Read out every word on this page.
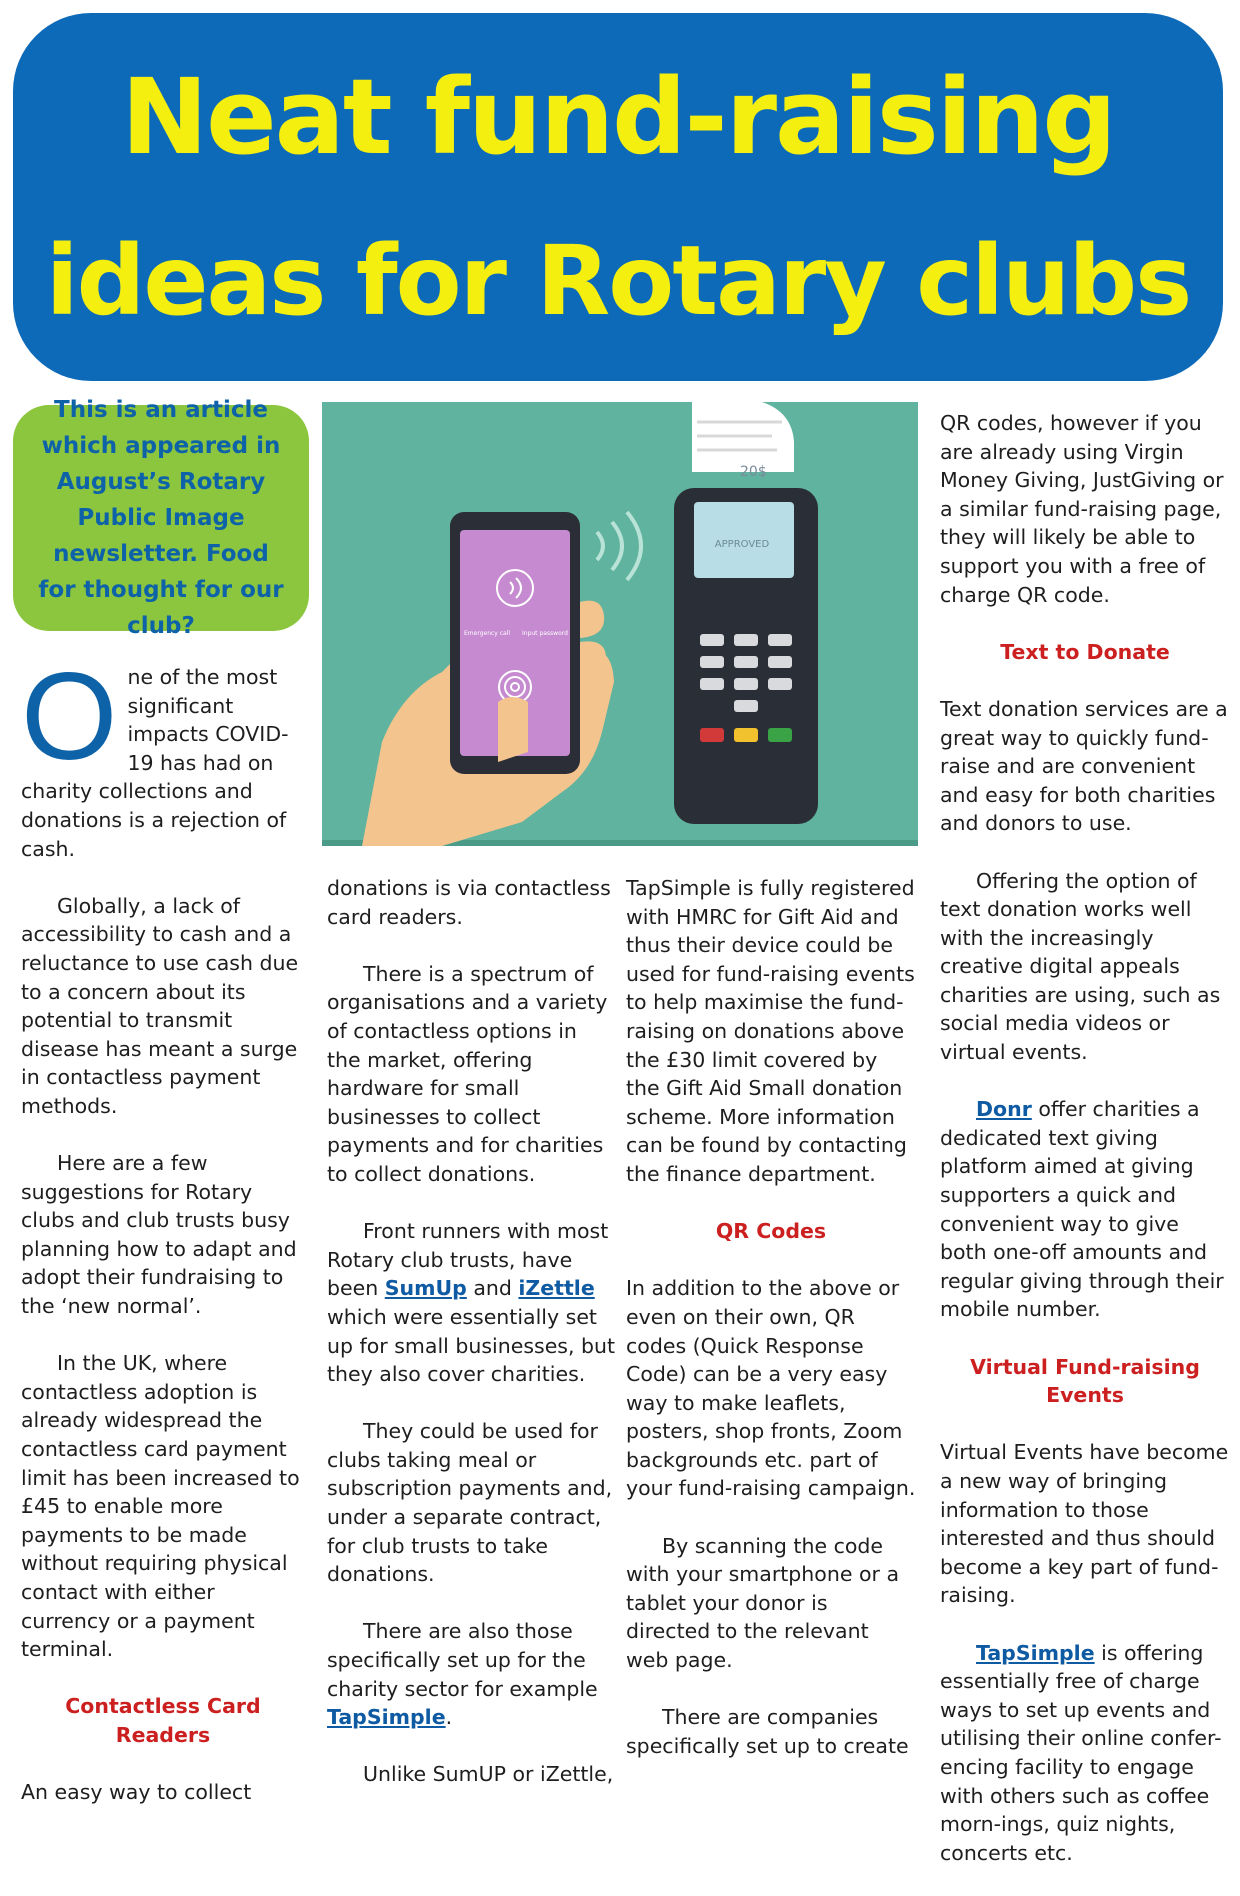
Neat fund-raising
ideas for Rotary clubs
This is an article which appeared in August’s Rotary Public Image newsletter. Food for thought for our club?	Emergency call Input password
20$
APPROVED

One of the most significant impacts COVID-19 has had on charity collections and donations is a rejection of cash.

Globally, a lack of accessibility to cash and a reluctance to use cash due to a concern about its potential to transmit disease has meant a surge in contactless payment methods.

Here are a few suggestions for Rotary clubs and club trusts busy planning how to adapt and adopt their fundraising to the ‘new normal’.

In the UK, where contactless adoption is already widespread the contactless card payment limit has been increased to £45 to enable more payments to be made without requiring physical contact with either currency or a payment terminal.

Contactless Card Readers

An easy way to collect

donations is via contactless card readers.

There is a spectrum of organisations and a variety of contactless options in the market, offering hardware for small businesses to collect payments and for charities to collect donations.

Front runners with most Rotary club trusts, have been SumUp and iZettle which were essentially set up for small businesses, but they also cover charities.

They could be used for clubs taking meal or subscription payments and, under a separate contract, for club trusts to take donations.

There are also those specifically set up for the charity sector for example TapSimple.

Unlike SumUP or iZettle,

TapSimple is fully registered with HMRC for Gift Aid and thus their device could be used for fund-raising events to help maximise the fund-raising on donations above the £30 limit covered by the Gift Aid Small donation scheme. More information can be found by contacting the finance department.

QR Codes

In addition to the above or even on their own, QR codes (Quick Response Code) can be a very easy way to make leaflets, posters, shop fronts, Zoom backgrounds etc. part of your fund-raising campaign.

By scanning the code with your smartphone or a tablet your donor is directed to the relevant web page.

There are companies specifically set up to create

QR codes, however if you are already using Virgin Money Giving, JustGiving or a similar fund-raising page, they will likely be able to support you with a free of charge QR code.

Text to Donate

Text donation services are a great way to quickly fund-raise and are convenient and easy for both charities and donors to use.

Offering the option of text donation works well with the increasingly creative digital appeals charities are using, such as social media videos or virtual events.

Donr offer charities a dedicated text giving platform aimed at giving supporters a quick and convenient way to give both one-off amounts and regular giving through their mobile number.

Virtual Fund-raising Events

Virtual Events have become a new way of bringing information to those interested and thus should become a key part of fund-raising.

TapSimple is offering essentially free of charge ways to set up events and utilising their online confer-encing facility to engage with others such as coffee morn-ings, quiz nights, concerts etc.
